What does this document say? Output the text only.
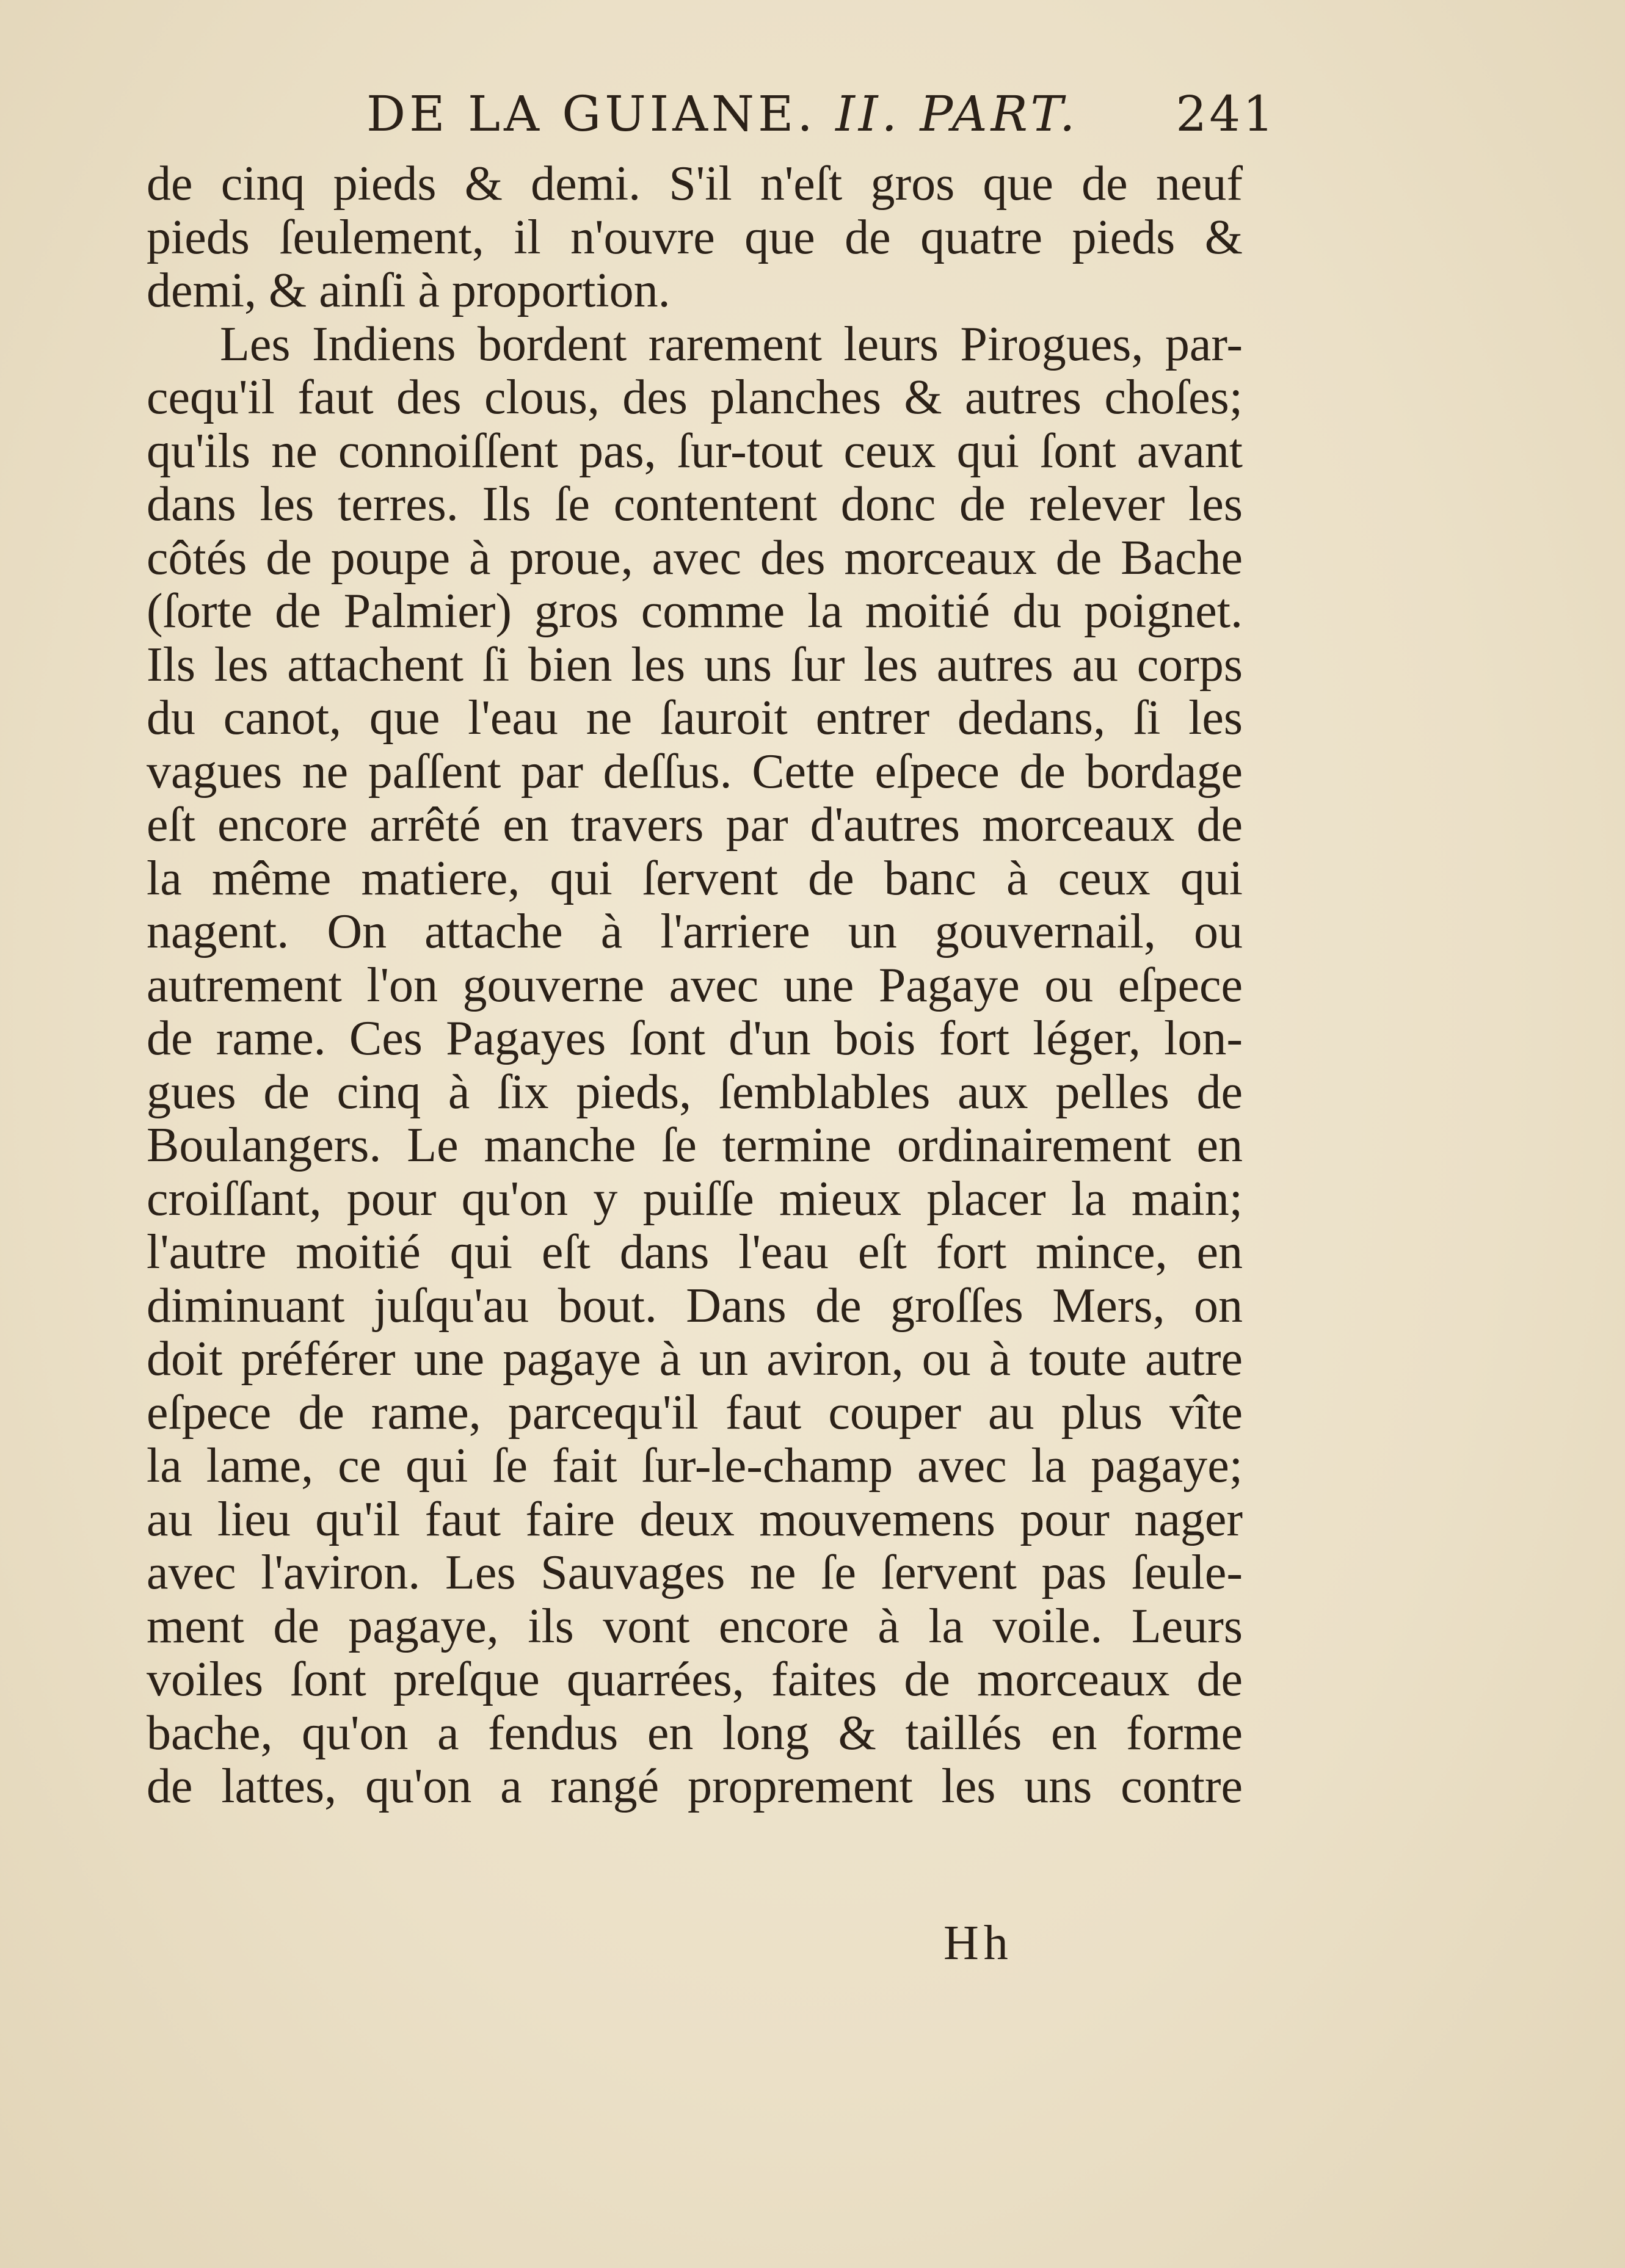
DE LA GUIANE. II. PART. 241
de cinq pieds & demi. S'il n'eſt gros que de neuf
pieds ſeulement, il n'ouvre que de quatre pieds &
demi, & ainſi à proportion.
Les Indiens bordent rarement leurs Pirogues, par-
cequ'il faut des clous, des planches & autres choſes;
qu'ils ne connoiſſent pas, ſur-tout ceux qui ſont avant
dans les terres. Ils ſe contentent donc de relever les
côtés de poupe à proue, avec des morceaux de Bache
(ſorte de Palmier) gros comme la moitié du poignet.
Ils les attachent ſi bien les uns ſur les autres au corps
du canot, que l'eau ne ſauroit entrer dedans, ſi les
vagues ne paſſent par deſſus. Cette eſpece de bordage
eſt encore arrêté en travers par d'autres morceaux de
la même matiere, qui ſervent de banc à ceux qui
nagent. On attache à l'arriere un gouvernail, ou
autrement l'on gouverne avec une Pagaye ou eſpece
de rame. Ces Pagayes ſont d'un bois fort léger, lon-
gues de cinq à ſix pieds, ſemblables aux pelles de
Boulangers. Le manche ſe termine ordinairement en
croiſſant, pour qu'on y puiſſe mieux placer la main;
l'autre moitié qui eſt dans l'eau eſt fort mince, en
diminuant juſqu'au bout. Dans de groſſes Mers, on
doit préférer une pagaye à un aviron, ou à toute autre
eſpece de rame, parcequ'il faut couper au plus vîte
la lame, ce qui ſe fait ſur-le-champ avec la pagaye;
au lieu qu'il faut faire deux mouvemens pour nager
avec l'aviron. Les Sauvages ne ſe ſervent pas ſeule-
ment de pagaye, ils vont encore à la voile. Leurs
voiles ſont preſque quarrées, faites de morceaux de
bache, qu'on a fendus en long & taillés en forme
de lattes, qu'on a rangé proprement les uns contre
Hh
